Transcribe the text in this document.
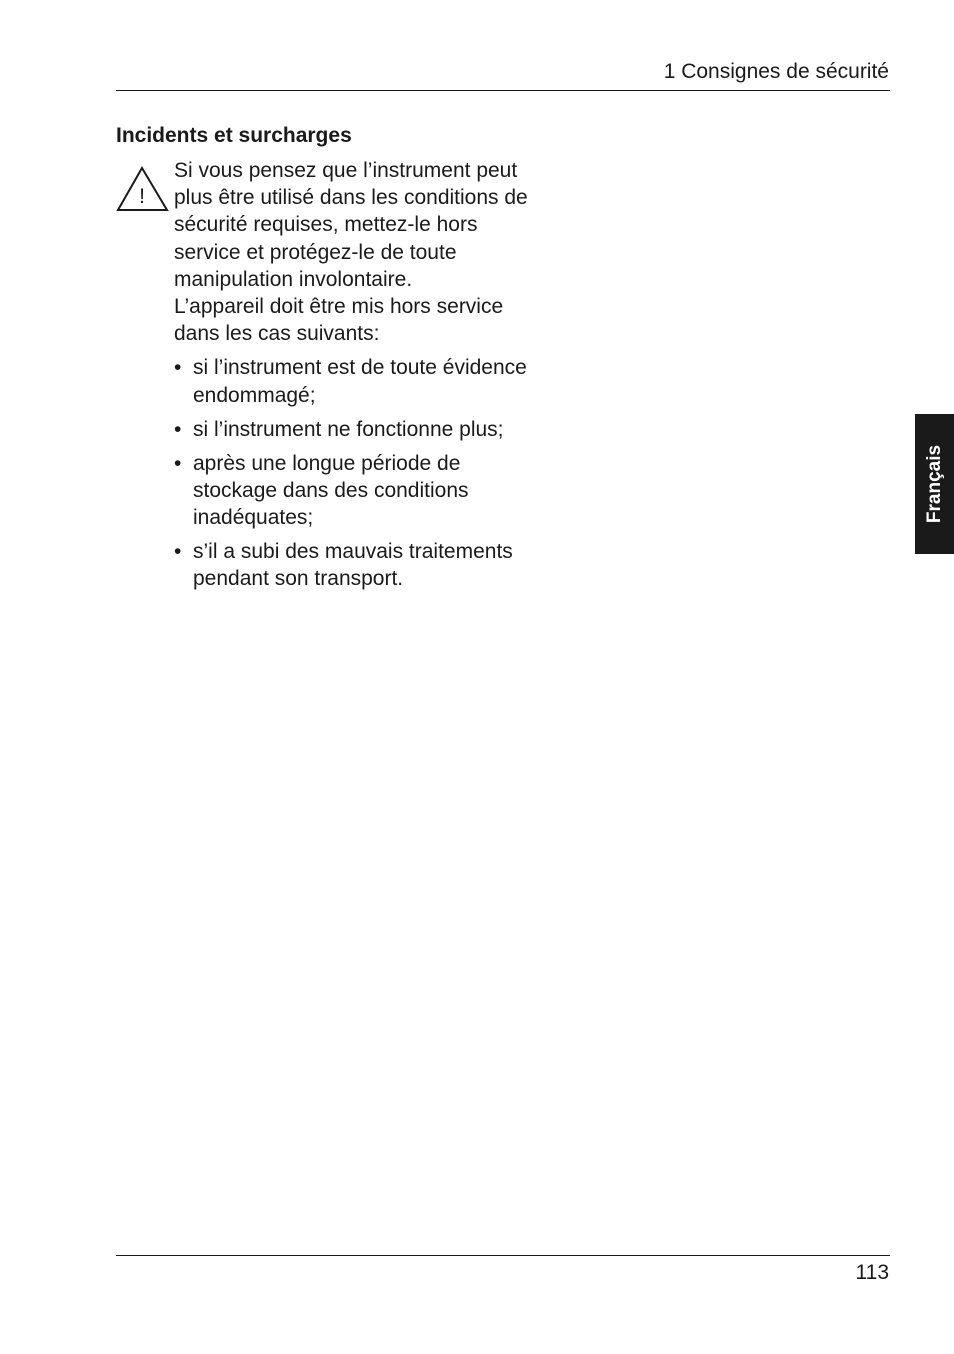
1 Consignes de sécurité
Incidents et surcharges
!

Si vous pensez que l’instrument peut plus être utilisé dans les conditions de sécurité requises, mettez-le hors service et protégez-le de toute manipulation involontaire.

L’appareil doit être mis hors service dans les cas suivants:

• si l’instrument est de toute évidence endommagé;
• si l’instrument ne fonctionne plus;
• après une longue période de stockage dans des conditions inadéquates;
• s’il a subi des mauvais traitements pendant son transport.
Français
113
